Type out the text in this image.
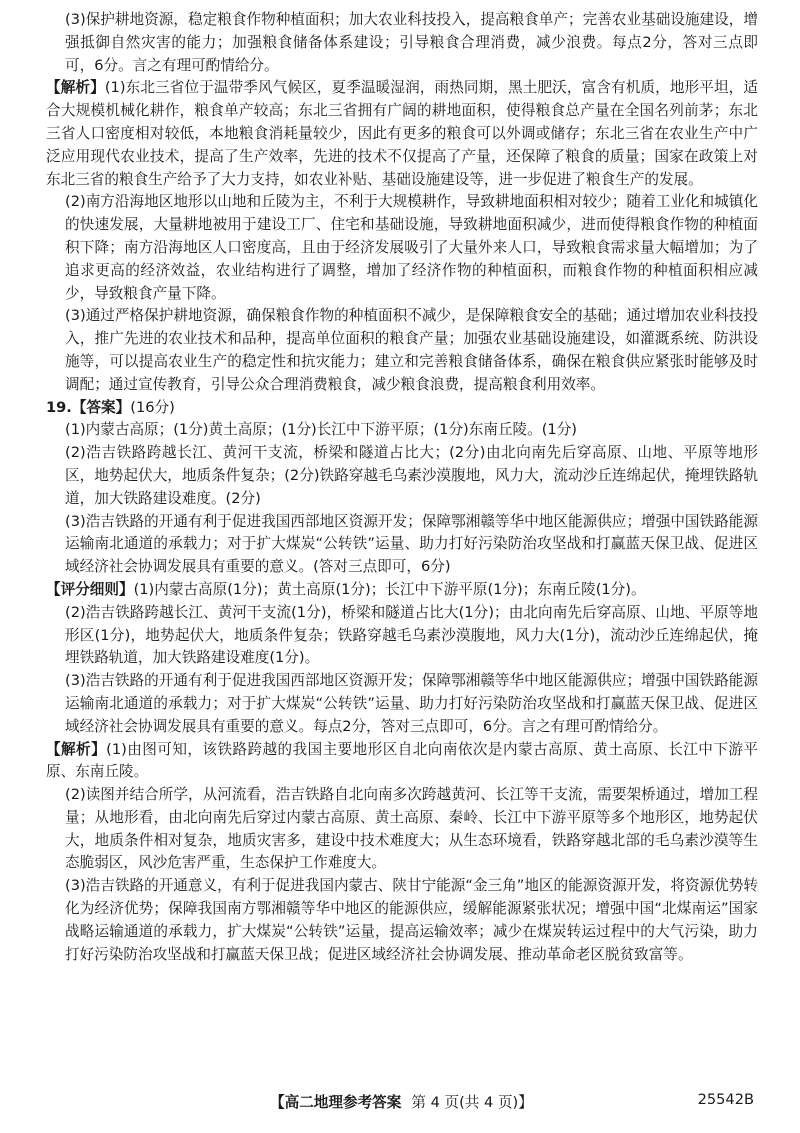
(3)保护耕地资源，稳定粮食作物种植面积；加大农业科技投入，提高粮食单产；完善农业基础设施建设，增强抵御自然灾害的能力；加强粮食储备体系建设；引导粮食合理消费，减少浪费。每点2分，答对三点即可，6分。言之有理可酌情给分。

【解析】(1)东北三省位于温带季风气候区，夏季温暖湿润，雨热同期，黑土肥沃，富含有机质，地形平坦，适合大规模机械化耕作，粮食单产较高；东北三省拥有广阔的耕地面积，使得粮食总产量在全国名列前茅；东北三省人口密度相对较低，本地粮食消耗量较少，因此有更多的粮食可以外调或储存；东北三省在农业生产中广泛应用现代农业技术，提高了生产效率，先进的技术不仅提高了产量，还保障了粮食的质量；国家在政策上对东北三省的粮食生产给予了大力支持，如农业补贴、基础设施建设等，进一步促进了粮食生产的发展。

(2)南方沿海地区地形以山地和丘陵为主，不利于大规模耕作，导致耕地面积相对较少；随着工业化和城镇化的快速发展，大量耕地被用于建设工厂、住宅和基础设施，导致耕地面积减少，进而使得粮食作物的种植面积下降；南方沿海地区人口密度高，且由于经济发展吸引了大量外来人口，导致粮食需求量大幅增加；为了追求更高的经济效益，农业结构进行了调整，增加了经济作物的种植面积，而粮食作物的种植面积相应减少，导致粮食产量下降。

(3)通过严格保护耕地资源，确保粮食作物的种植面积不减少，是保障粮食安全的基础；通过增加农业科技投入，推广先进的农业技术和品种，提高单位面积的粮食产量；加强农业基础设施建设，如灌溉系统、防洪设施等，可以提高农业生产的稳定性和抗灾能力；建立和完善粮食储备体系，确保在粮食供应紧张时能够及时调配；通过宣传教育，引导公众合理消费粮食，减少粮食浪费，提高粮食利用效率。

19.【答案】(16分)

(1)内蒙古高原；(1分)黄土高原；(1分)长江中下游平原；(1分)东南丘陵。(1分)

(2)浩吉铁路跨越长江、黄河干支流，桥梁和隧道占比大；(2分)由北向南先后穿高原、山地、平原等地形区，地势起伏大，地质条件复杂；(2分)铁路穿越毛乌素沙漠腹地，风力大，流动沙丘连绵起伏，掩埋铁路轨道，加大铁路建设难度。(2分)

(3)浩吉铁路的开通有利于促进我国西部地区资源开发；保障鄂湘赣等华中地区能源供应；增强中国铁路能源运输南北通道的承载力；对于扩大煤炭“公转铁”运量、助力打好污染防治攻坚战和打赢蓝天保卫战、促进区域经济社会协调发展具有重要的意义。(答对三点即可，6分)

【评分细则】(1)内蒙古高原(1分)；黄土高原(1分)；长江中下游平原(1分)；东南丘陵(1分)。

(2)浩吉铁路跨越长江、黄河干支流(1分)，桥梁和隧道占比大(1分)；由北向南先后穿高原、山地、平原等地形区(1分)，地势起伏大，地质条件复杂；铁路穿越毛乌素沙漠腹地，风力大(1分)，流动沙丘连绵起伏，掩埋铁路轨道，加大铁路建设难度(1分)。

(3)浩吉铁路的开通有利于促进我国西部地区资源开发；保障鄂湘赣等华中地区能源供应；增强中国铁路能源运输南北通道的承载力；对于扩大煤炭“公转铁”运量、助力打好污染防治攻坚战和打赢蓝天保卫战、促进区域经济社会协调发展具有重要的意义。每点2分，答对三点即可，6分。言之有理可酌情给分。

【解析】(1)由图可知，该铁路跨越的我国主要地形区自北向南依次是内蒙古高原、黄土高原、长江中下游平原、东南丘陵。

(2)读图并结合所学，从河流看，浩吉铁路自北向南多次跨越黄河、长江等干支流，需要架桥通过，增加工程量；从地形看，由北向南先后穿过内蒙古高原、黄土高原、秦岭、长江中下游平原等多个地形区，地势起伏大，地质条件相对复杂，地质灾害多，建设中技术难度大；从生态环境看，铁路穿越北部的毛乌素沙漠等生态脆弱区，风沙危害严重，生态保护工作难度大。

(3)浩吉铁路的开通意义，有利于促进我国内蒙古、陕甘宁能源“金三角”地区的能源资源开发，将资源优势转化为经济优势；保障我国南方鄂湘赣等华中地区的能源供应，缓解能源紧张状况；增强中国“北煤南运”国家战略运输通道的承载力，扩大煤炭“公转铁”运量，提高运输效率；减少在煤炭转运过程中的大气污染，助力打好污染防治攻坚战和打赢蓝天保卫战；促进区域经济社会协调发展、推动革命老区脱贫致富等。

【高二地理参考答案 第 4 页(共 4 页)】	25542B
